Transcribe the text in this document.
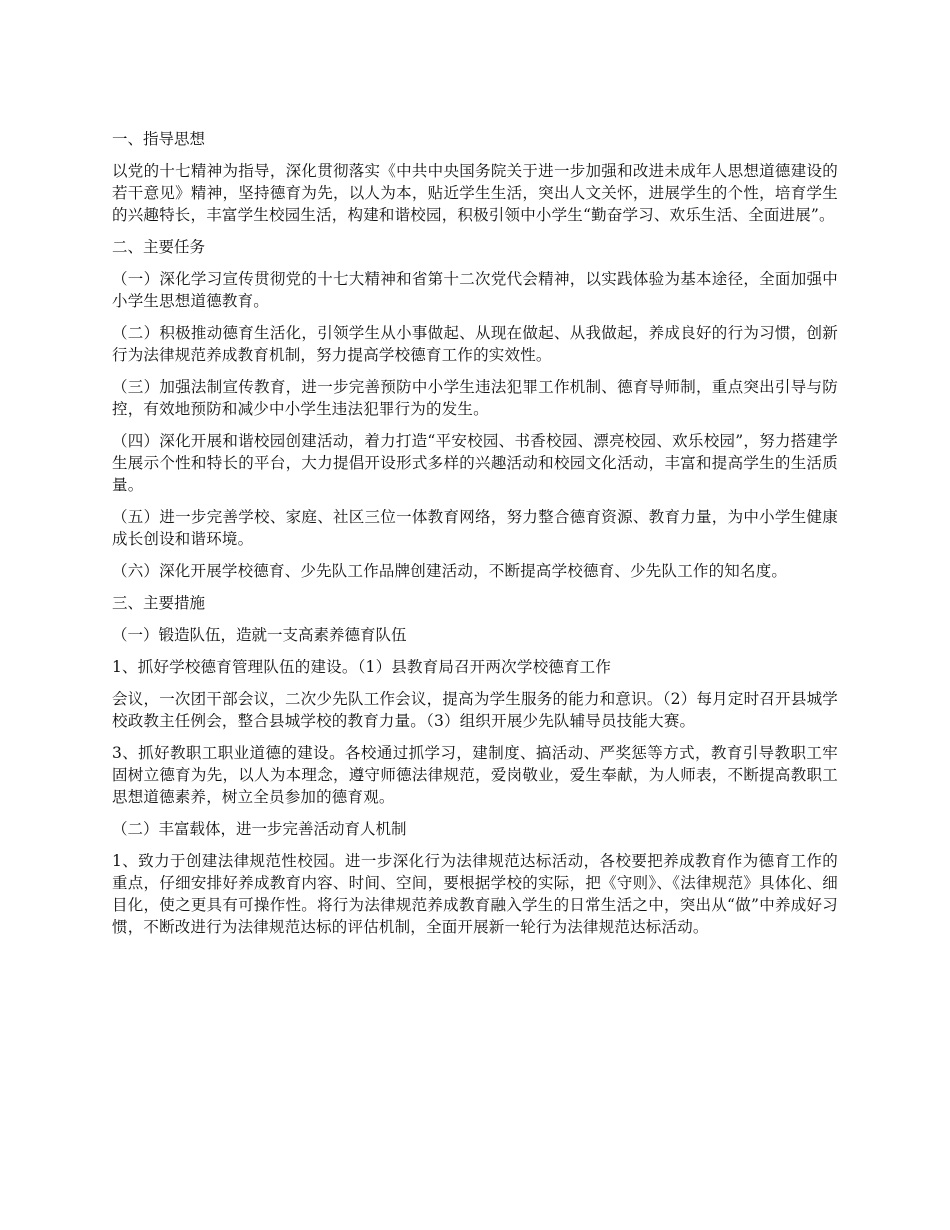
一、指导思想

以党的十七精神为指导，深化贯彻落实《中共中央国务院关于进一步加强和改进未成年人思想道德建设的若干意见》精神，坚持德育为先，以人为本，贴近学生生活，突出人文关怀，进展学生的个性，培育学生的兴趣特长，丰富学生校园生活，构建和谐校园，积极引领中小学生“勤奋学习、欢乐生活、全面进展”。

二、主要任务

（一）深化学习宣传贯彻党的十七大精神和省第十二次党代会精神，以实践体验为基本途径，全面加强中小学生思想道德教育。

（二）积极推动德育生活化，引领学生从小事做起、从现在做起、从我做起，养成良好的行为习惯，创新行为法律规范养成教育机制，努力提高学校德育工作的实效性。

（三）加强法制宣传教育，进一步完善预防中小学生违法犯罪工作机制、德育导师制，重点突出引导与防控，有效地预防和减少中小学生违法犯罪行为的发生。

（四）深化开展和谐校园创建活动，着力打造“平安校园、书香校园、漂亮校园、欢乐校园”，努力搭建学生展示个性和特长的平台，大力提倡开设形式多样的兴趣活动和校园文化活动，丰富和提高学生的生活质量。

（五）进一步完善学校、家庭、社区三位一体教育网络，努力整合德育资源、教育力量，为中小学生健康成长创设和谐环境。

（六）深化开展学校德育、少先队工作品牌创建活动，不断提高学校德育、少先队工作的知名度。

三、主要措施

（一）锻造队伍，造就一支高素养德育队伍

1、抓好学校德育管理队伍的建设。（1）县教育局召开两次学校德育工作

会议，一次团干部会议，二次少先队工作会议，提高为学生服务的能力和意识。（2）每月定时召开县城学校政教主任例会，整合县城学校的教育力量。（3）组织开展少先队辅导员技能大赛。

3、抓好教职工职业道德的建设。各校通过抓学习，建制度、搞活动、严奖惩等方式，教育引导教职工牢固树立德育为先，以人为本理念，遵守师德法律规范，爱岗敬业，爱生奉献，为人师表，不断提高教职工思想道德素养，树立全员参加的德育观。

（二）丰富载体，进一步完善活动育人机制

1、致力于创建法律规范性校园。进一步深化行为法律规范达标活动，各校要把养成教育作为德育工作的重点，仔细安排好养成教育内容、时间、空间，要根据学校的实际，把《守则》、《法律规范》具体化、细目化，使之更具有可操作性。将行为法律规范养成教育融入学生的日常生活之中，突出从“做”中养成好习惯，不断改进行为法律规范达标的评估机制，全面开展新一轮行为法律规范达标活动。
